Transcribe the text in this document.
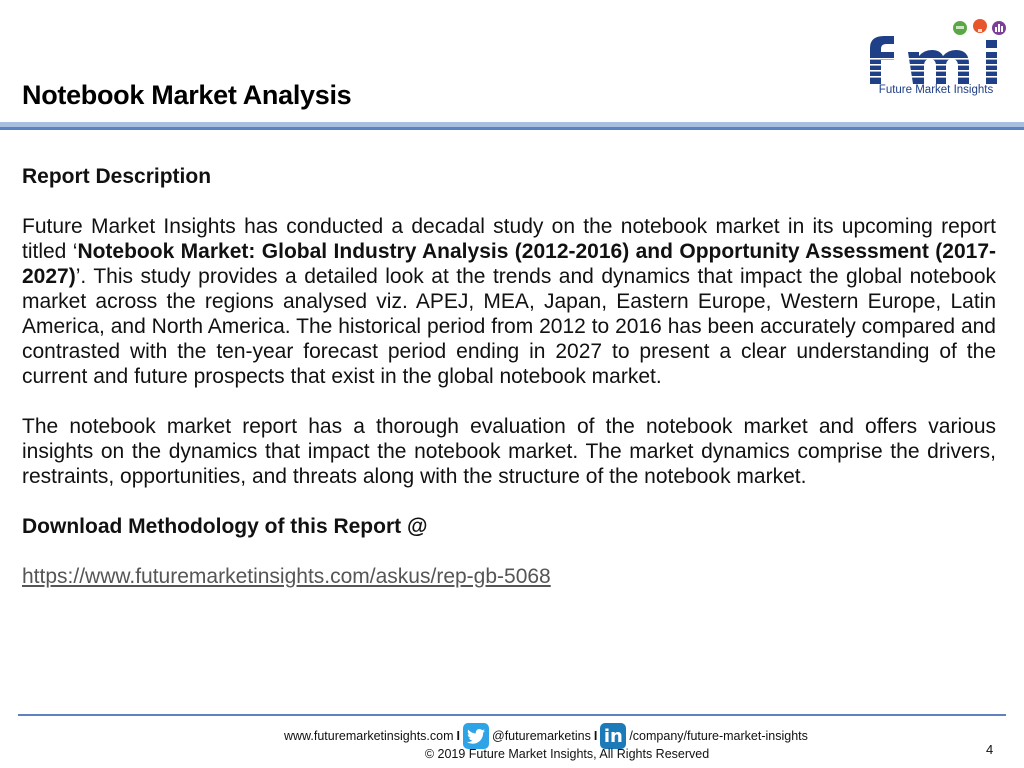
Notebook Market Analysis	Future Market Insights

Report Description

Future Market Insights has conducted a decadal study on the notebook market in its upcoming report titled ‘Notebook Market: Global Industry Analysis (2012-2016) and Opportunity Assessment (2017-2027)’. This study provides a detailed look at the trends and dynamics that impact the global notebook market across the regions analysed viz. APEJ, MEA, Japan, Eastern Europe, Western Europe, Latin America, and North America. The historical period from 2012 to 2016 has been accurately compared and contrasted with the ten-year forecast period ending in 2027 to present a clear understanding of the current and future prospects that exist in the global notebook market.

The notebook market report has a thorough evaluation of the notebook market and offers various insights on the dynamics that impact the notebook market. The market dynamics comprise the drivers, restraints, opportunities, and threats along with the structure of the notebook market.

Download Methodology of this Report @

https://www.futuremarketinsights.com/askus/rep-gb-5068

www.futuremarketinsights.com I	@futuremarketins I in /company/future-market-insights
© 2019 Future Market Insights, All Rights Reserved	4
